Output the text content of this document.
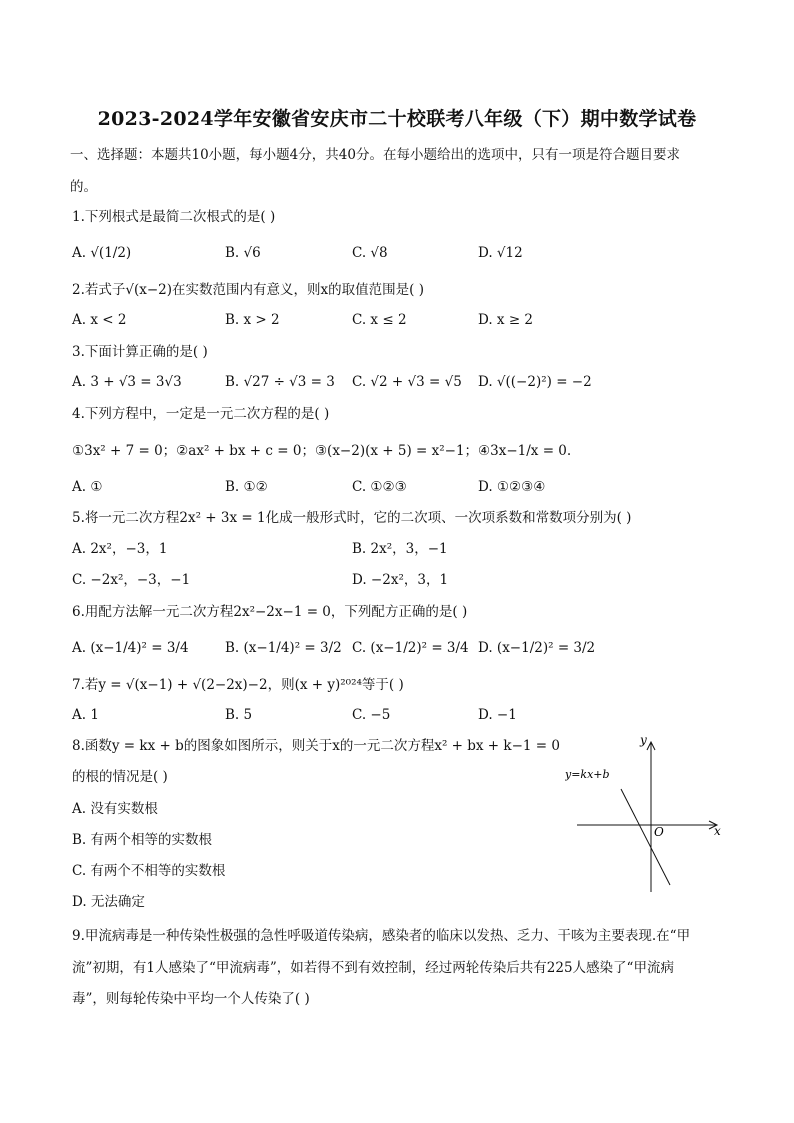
2023-2024学年安徽省安庆市二十校联考八年级（下）期中数学试卷
一、选择题：本题共10小题，每小题4分，共40分。在每小题给出的选项中，只有一项是符合题目要求
的。
1.下列根式是最简二次根式的是( )
A. √(1/2)	B. √6	C. √8	D. √12
2.若式子√(x−2)在实数范围内有意义，则x的取值范围是( )
A. x < 2	B. x > 2	C. x ≤ 2	D. x ≥ 2
3.下面计算正确的是( )
A. 3 + √3 = 3√3	B. √27 ÷ √3 = 3 C. √2 + √3 = √5 D. √((−2)²) = −2
4.下列方程中，一定是一元二次方程的是( )
①3x² + 7 = 0；②ax² + bx + c = 0；③(x−2)(x + 5) = x²−1；④3x−1/x = 0.
A. ①	B. ①②	C. ①②③	D. ①②③④
5.将一元二次方程2x² + 3x = 1化成一般形式时，它的二次项、一次项系数和常数项分别为( )
A. 2x²，−3，1	B. 2x²，3，−1
C. −2x²，−3，−1	D. −2x²，3，1
6.用配方法解一元二次方程2x²−2x−1 = 0，下列配方正确的是( )
A. (x−1/4)² = 3/4	B. (x−1/4)² = 3/2 C. (x−1/2)² = 3/4 D. (x−1/2)² = 3/2
7.若y = √(x−1) + √(2−2x)−2，则(x + y)²⁰²⁴等于( )
A. 1	B. 5	C. −5	D. −1
8.函数y = kx + b的图象如图所示，则关于x的一元二次方程x² + bx + k−1 = 0
的根的情况是( )
A. 没有实数根
B. 有两个相等的实数根
C. 有两个不相等的实数根
D. 无法确定
y
x
O
y=kx+b
9.甲流病毒是一种传染性极强的急性呼吸道传染病，感染者的临床以发热、乏力、干咳为主要表现.在“甲
流”初期，有1人感染了“甲流病毒”，如若得不到有效控制，经过两轮传染后共有225人感染了“甲流病
毒”，则每轮传染中平均一个人传染了( )
